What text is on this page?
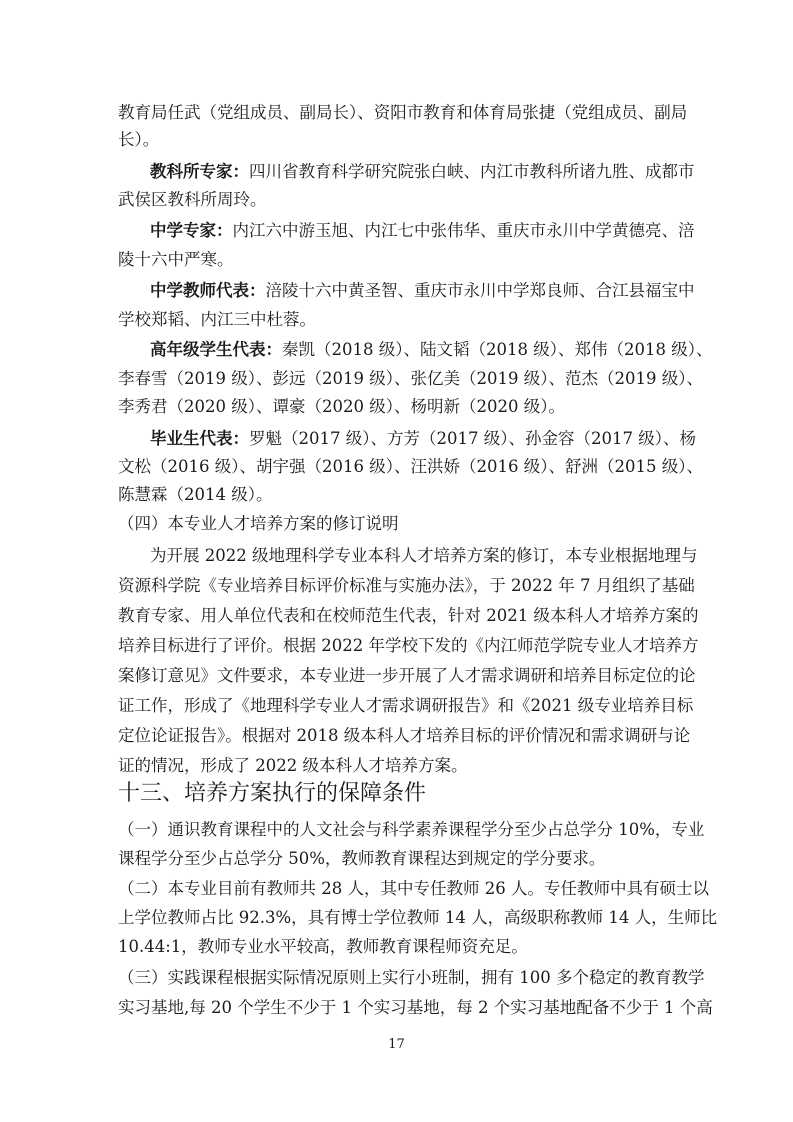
教育局任武（党组成员、副局长）、资阳市教育和体育局张捷（党组成员、副局
长）。
教科所专家：四川省教育科学研究院张白峡、内江市教科所诸九胜、成都市
武侯区教科所周玲。
中学专家：内江六中游玉旭、内江七中张伟华、重庆市永川中学黄德亮、涪
陵十六中严寒。
中学教师代表：涪陵十六中黄圣智、重庆市永川中学郑良师、合江县福宝中
学校郑韬、内江三中杜蓉。
高年级学生代表：秦凯（2018 级）、陆文韬（2018 级）、郑伟（2018 级）、
李春雪（2019 级）、彭远（2019 级）、张亿美（2019 级）、范杰（2019 级）、
李秀君（2020 级）、谭豪（2020 级）、杨明新（2020 级）。
毕业生代表：罗魁（2017 级）、方芳（2017 级）、孙金容（2017 级）、杨
文松（2016 级）、胡宇强（2016 级）、汪洪娇（2016 级）、舒洲（2015 级）、
陈慧霖（2014 级）。
（四）本专业人才培养方案的修订说明
为开展 2022 级地理科学专业本科人才培养方案的修订，本专业根据地理与
资源科学院《专业培养目标评价标准与实施办法》，于 2022 年 7 月组织了基础
教育专家、用人单位代表和在校师范生代表，针对 2021 级本科人才培养方案的
培养目标进行了评价。根据 2022 年学校下发的《内江师范学院专业人才培养方
案修订意见》文件要求，本专业进一步开展了人才需求调研和培养目标定位的论
证工作，形成了《地理科学专业人才需求调研报告》和《2021 级专业培养目标
定位论证报告》。根据对 2018 级本科人才培养目标的评价情况和需求调研与论
证的情况，形成了 2022 级本科人才培养方案。
十三、培养方案执行的保障条件
（一）通识教育课程中的人文社会与科学素养课程学分至少占总学分 10%，专业
课程学分至少占总学分 50%，教师教育课程达到规定的学分要求。
（二）本专业目前有教师共 28 人，其中专任教师 26 人。专任教师中具有硕士以
上学位教师占比 92.3%，具有博士学位教师 14 人，高级职称教师 14 人，生师比
10.44:1，教师专业水平较高，教师教育课程师资充足。
（三）实践课程根据实际情况原则上实行小班制，拥有 100 多个稳定的教育教学
实习基地,每 20 个学生不少于 1 个实习基地，每 2 个实习基地配备不少于 1 个高
17
